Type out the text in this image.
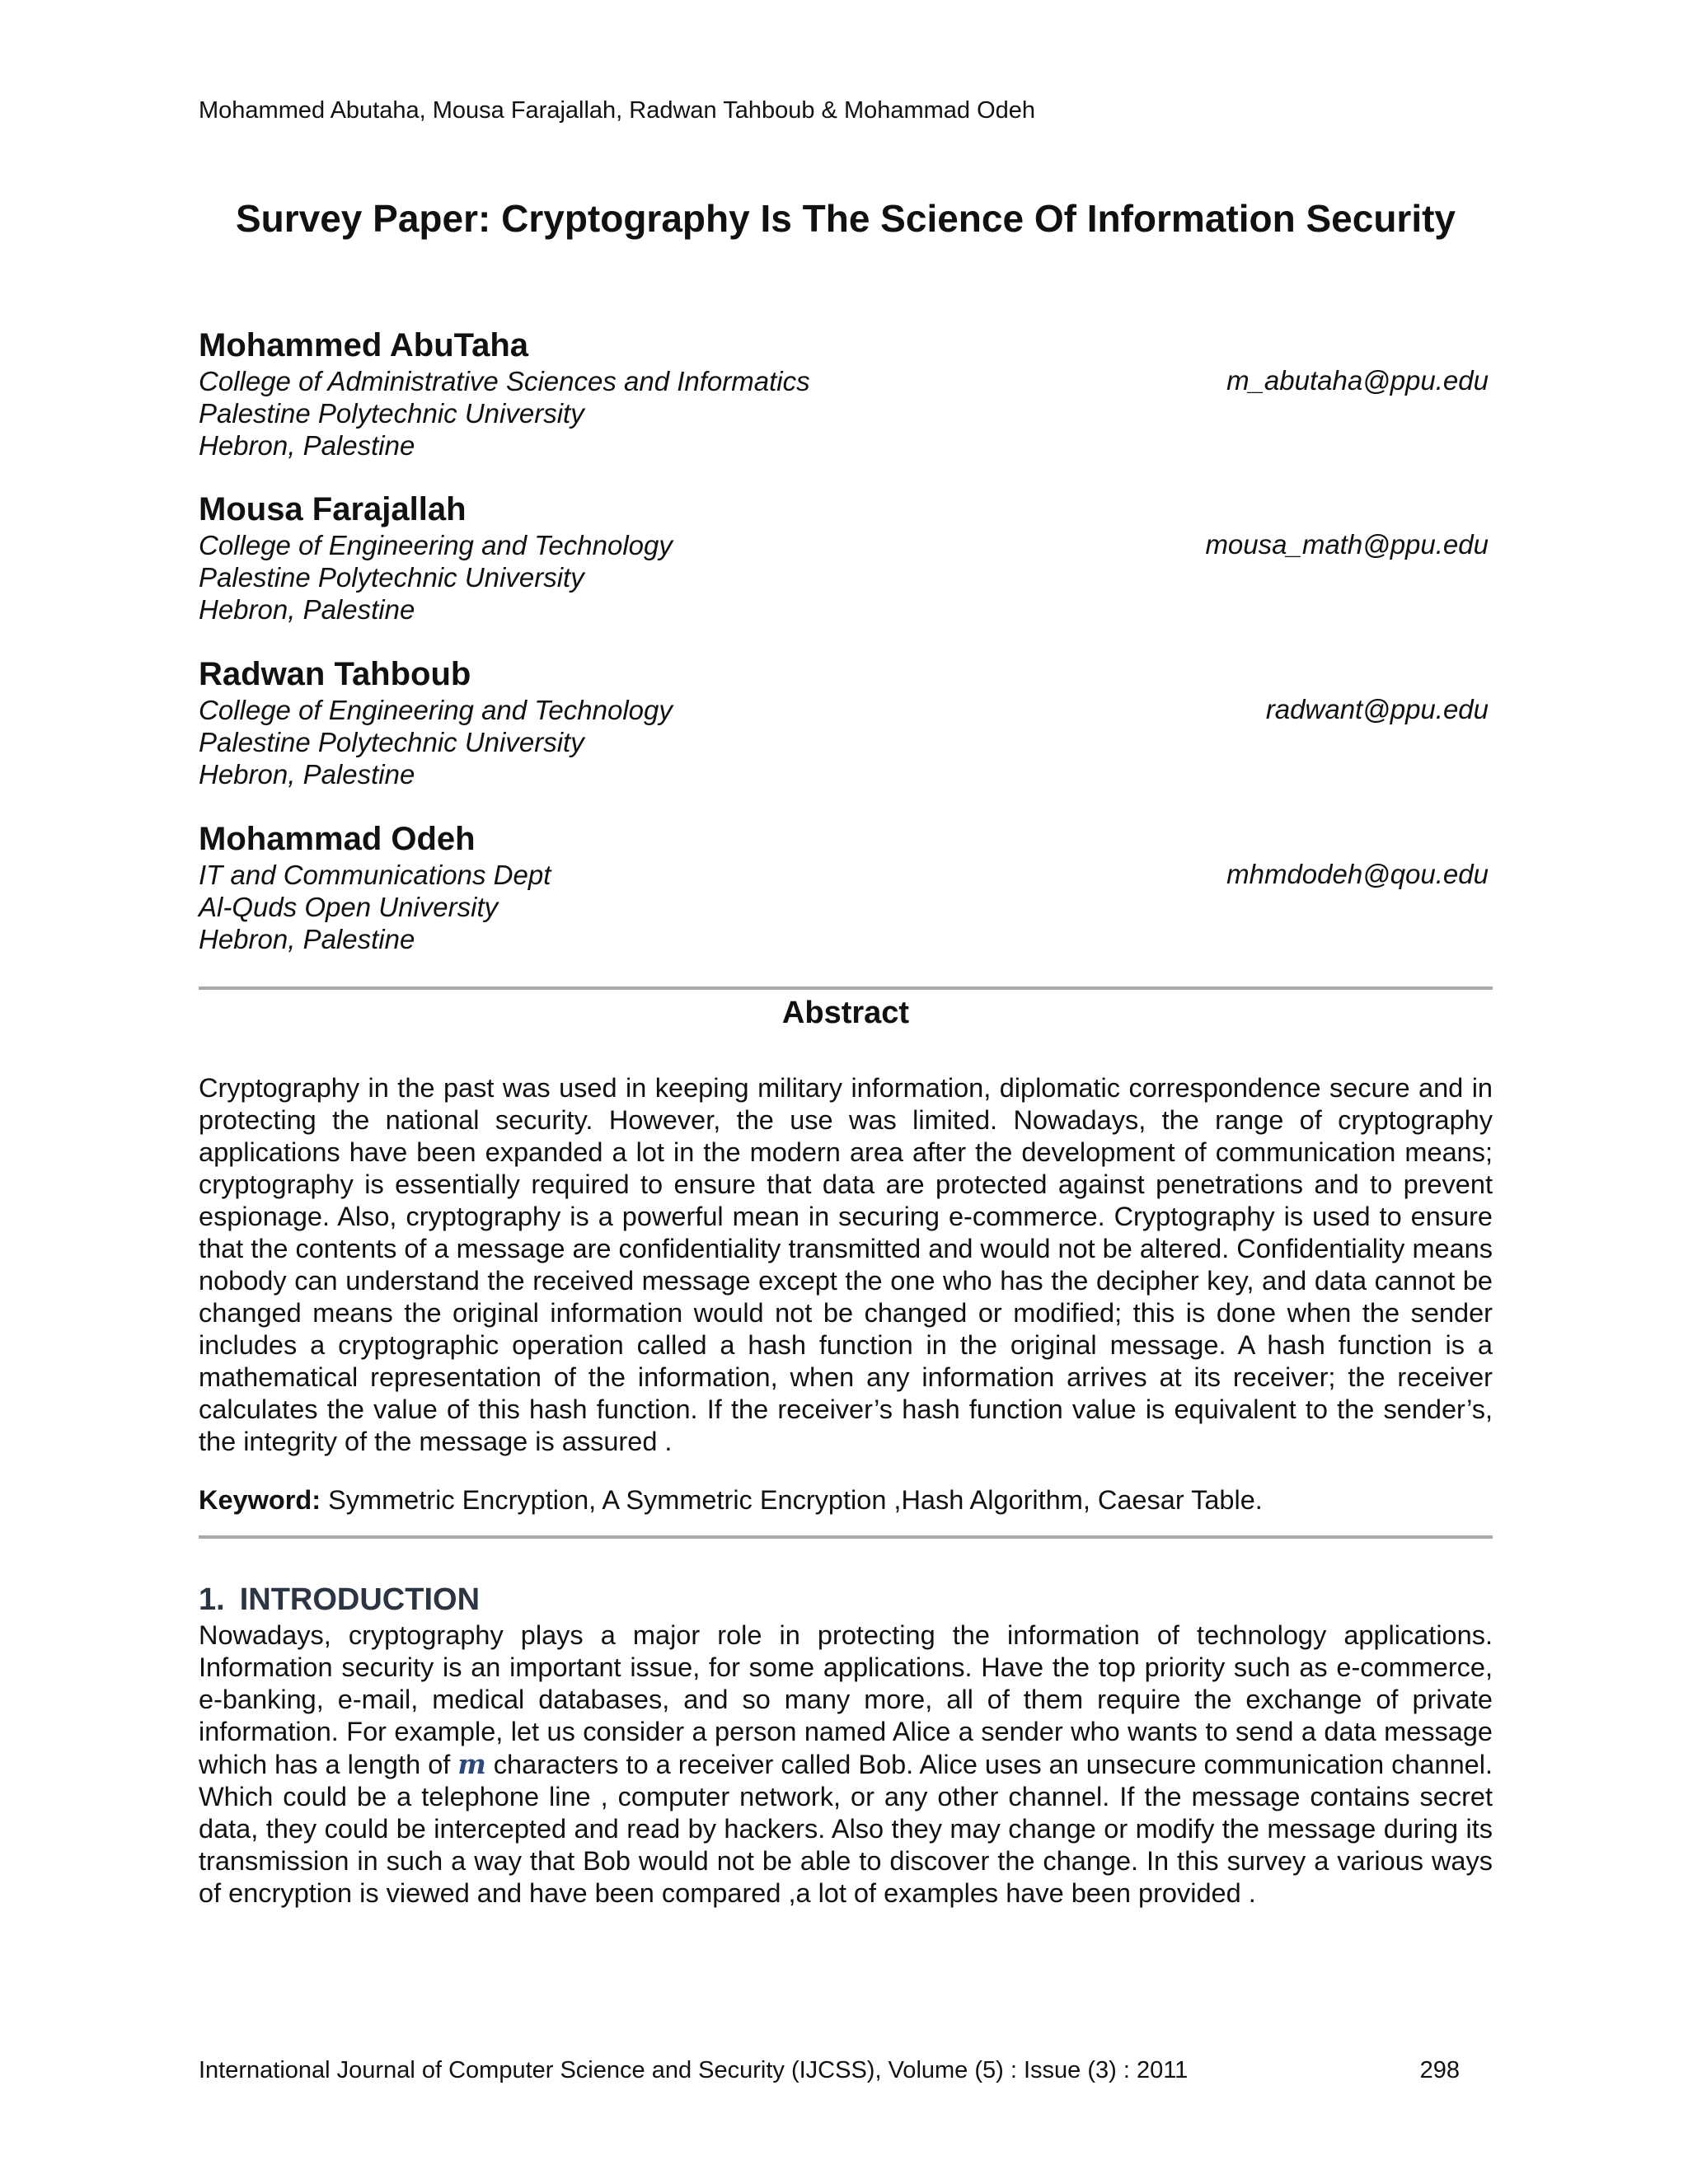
Mohammed Abutaha, Mousa Farajallah, Radwan Tahboub & Mohammad Odeh
Survey Paper: Cryptography Is The Science Of Information Security
Mohammed AbuTaha
College of Administrative Sciences and Informatics
Palestine Polytechnic University
Hebron, Palestine
m_abutaha@ppu.edu
Mousa Farajallah
College of Engineering and Technology
Palestine Polytechnic University
Hebron, Palestine
mousa_math@ppu.edu
Radwan Tahboub
College of Engineering and Technology
Palestine Polytechnic University
Hebron, Palestine
radwant@ppu.edu
Mohammad Odeh
IT and Communications Dept
Al-Quds Open University
Hebron, Palestine
mhmdodeh@qou.edu
Abstract
Cryptography in the past was used in keeping military information, diplomatic correspondence secure and in protecting the national security. However, the use was limited. Nowadays, the range of cryptography applications have been expanded a lot in the modern area after the development of communication means; cryptography is essentially required to ensure that data are protected against penetrations and to prevent espionage. Also, cryptography is a powerful mean in securing e-commerce. Cryptography is used to ensure that the contents of a message are confidentiality transmitted and would not be altered. Confidentiality means nobody can understand the received message except the one who has the decipher key, and data cannot be changed means the original information would not be changed or modified; this is done when the sender includes a cryptographic operation called a hash function in the original message. A hash function is a mathematical representation of the information, when any information arrives at its receiver; the receiver calculates the value of this hash function. If the receiver’s hash function value is equivalent to the sender’s, the integrity of the message is assured .
Keyword: Symmetric Encryption, A Symmetric Encryption ,Hash Algorithm, Caesar Table.
1. INTRODUCTION
Nowadays, cryptography plays a major role in protecting the information of technology applications. Information security is an important issue, for some applications. Have the top priority such as e-commerce, e-banking, e-mail, medical databases, and so many more, all of them require the exchange of private information. For example, let us consider a person named Alice a sender who wants to send a data message which has a length of m characters to a receiver called Bob. Alice uses an unsecure communication channel. Which could be a telephone line , computer network, or any other channel. If the message contains secret data, they could be intercepted and read by hackers. Also they may change or modify the message during its transmission in such a way that Bob would not be able to discover the change. In this survey a various ways of encryption is viewed and have been compared ,a lot of examples have been provided .
International Journal of Computer Science and Security (IJCSS), Volume (5) : Issue (3) : 2011	298
